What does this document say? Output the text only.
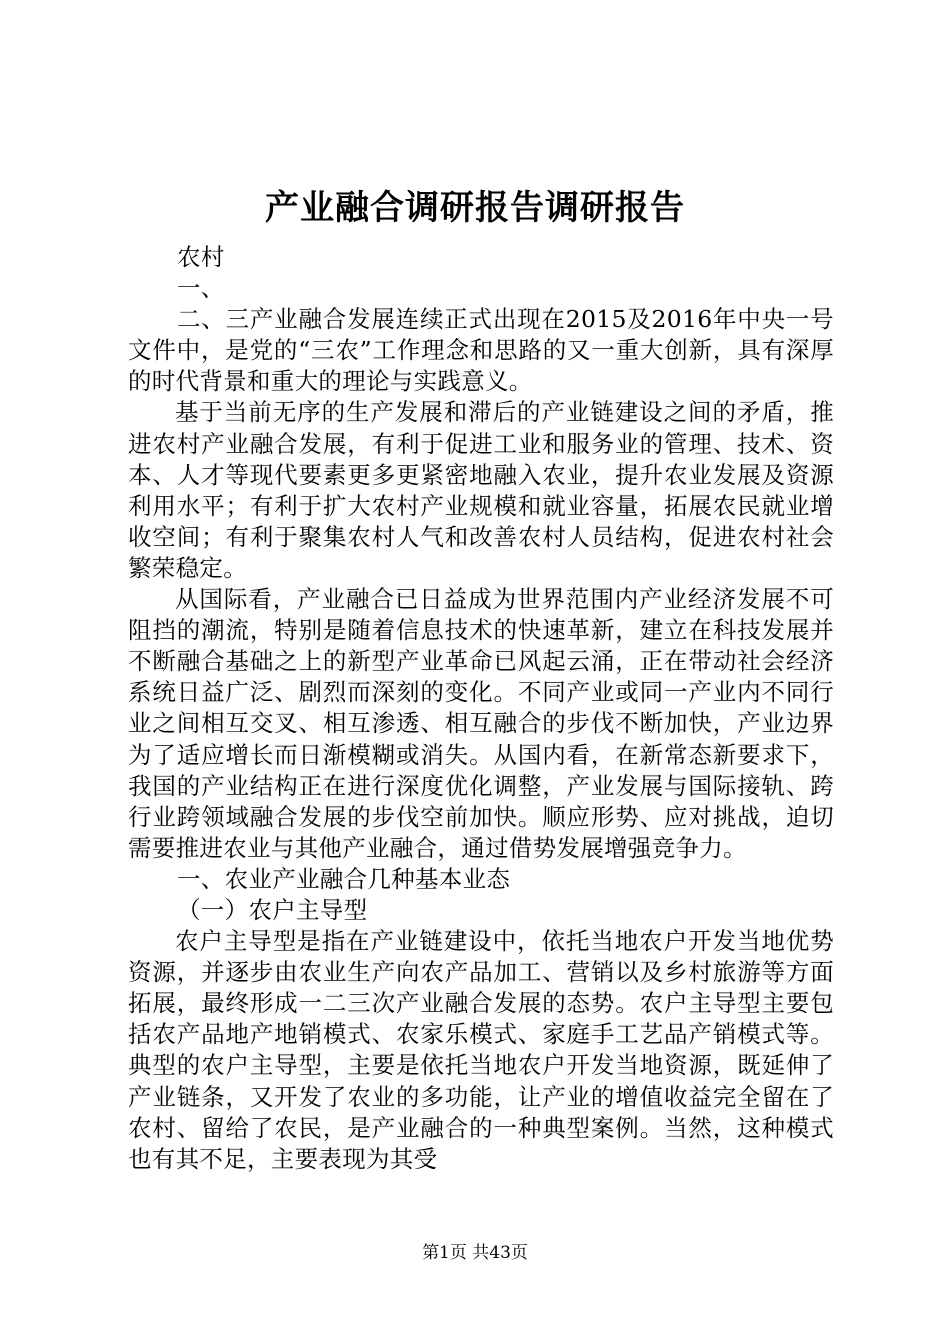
产业融合调研报告调研报告

农村

一、

二、三产业融合发展连续正式出现在2015及2016年中央一号文件中，是党的“三农”工作理念和思路的又一重大创新，具有深厚的时代背景和重大的理论与实践意义。

基于当前无序的生产发展和滞后的产业链建设之间的矛盾，推进农村产业融合发展，有利于促进工业和服务业的管理、技术、资本、人才等现代要素更多更紧密地融入农业，提升农业发展及资源利用水平；有利于扩大农村产业规模和就业容量，拓展农民就业增收空间；有利于聚集农村人气和改善农村人员结构，促进农村社会繁荣稳定。

从国际看，产业融合已日益成为世界范围内产业经济发展不可阻挡的潮流，特别是随着信息技术的快速革新，建立在科技发展并不断融合基础之上的新型产业革命已风起云涌，正在带动社会经济系统日益广泛、剧烈而深刻的变化。不同产业或同一产业内不同行业之间相互交叉、相互渗透、相互融合的步伐不断加快，产业边界为了适应增长而日渐模糊或消失。从国内看，在新常态新要求下，我国的产业结构正在进行深度优化调整，产业发展与国际接轨、跨行业跨领域融合发展的步伐空前加快。顺应形势、应对挑战，迫切需要推进农业与其他产业融合，通过借势发展增强竞争力。

一、农业产业融合几种基本业态

（一）农户主导型

农户主导型是指在产业链建设中，依托当地农户开发当地优势资源，并逐步由农业生产向农产品加工、营销以及乡村旅游等方面拓展，最终形成一二三次产业融合发展的态势。农户主导型主要包括农产品地产地销模式、农家乐模式、家庭手工艺品产销模式等。典型的农户主导型，主要是依托当地农户开发当地资源，既延伸了产业链条，又开发了农业的多功能，让产业的增值收益完全留在了农村、留给了农民，是产业融合的一种典型案例。当然，这种模式也有其不足，主要表现为其受

第1页 共43页
